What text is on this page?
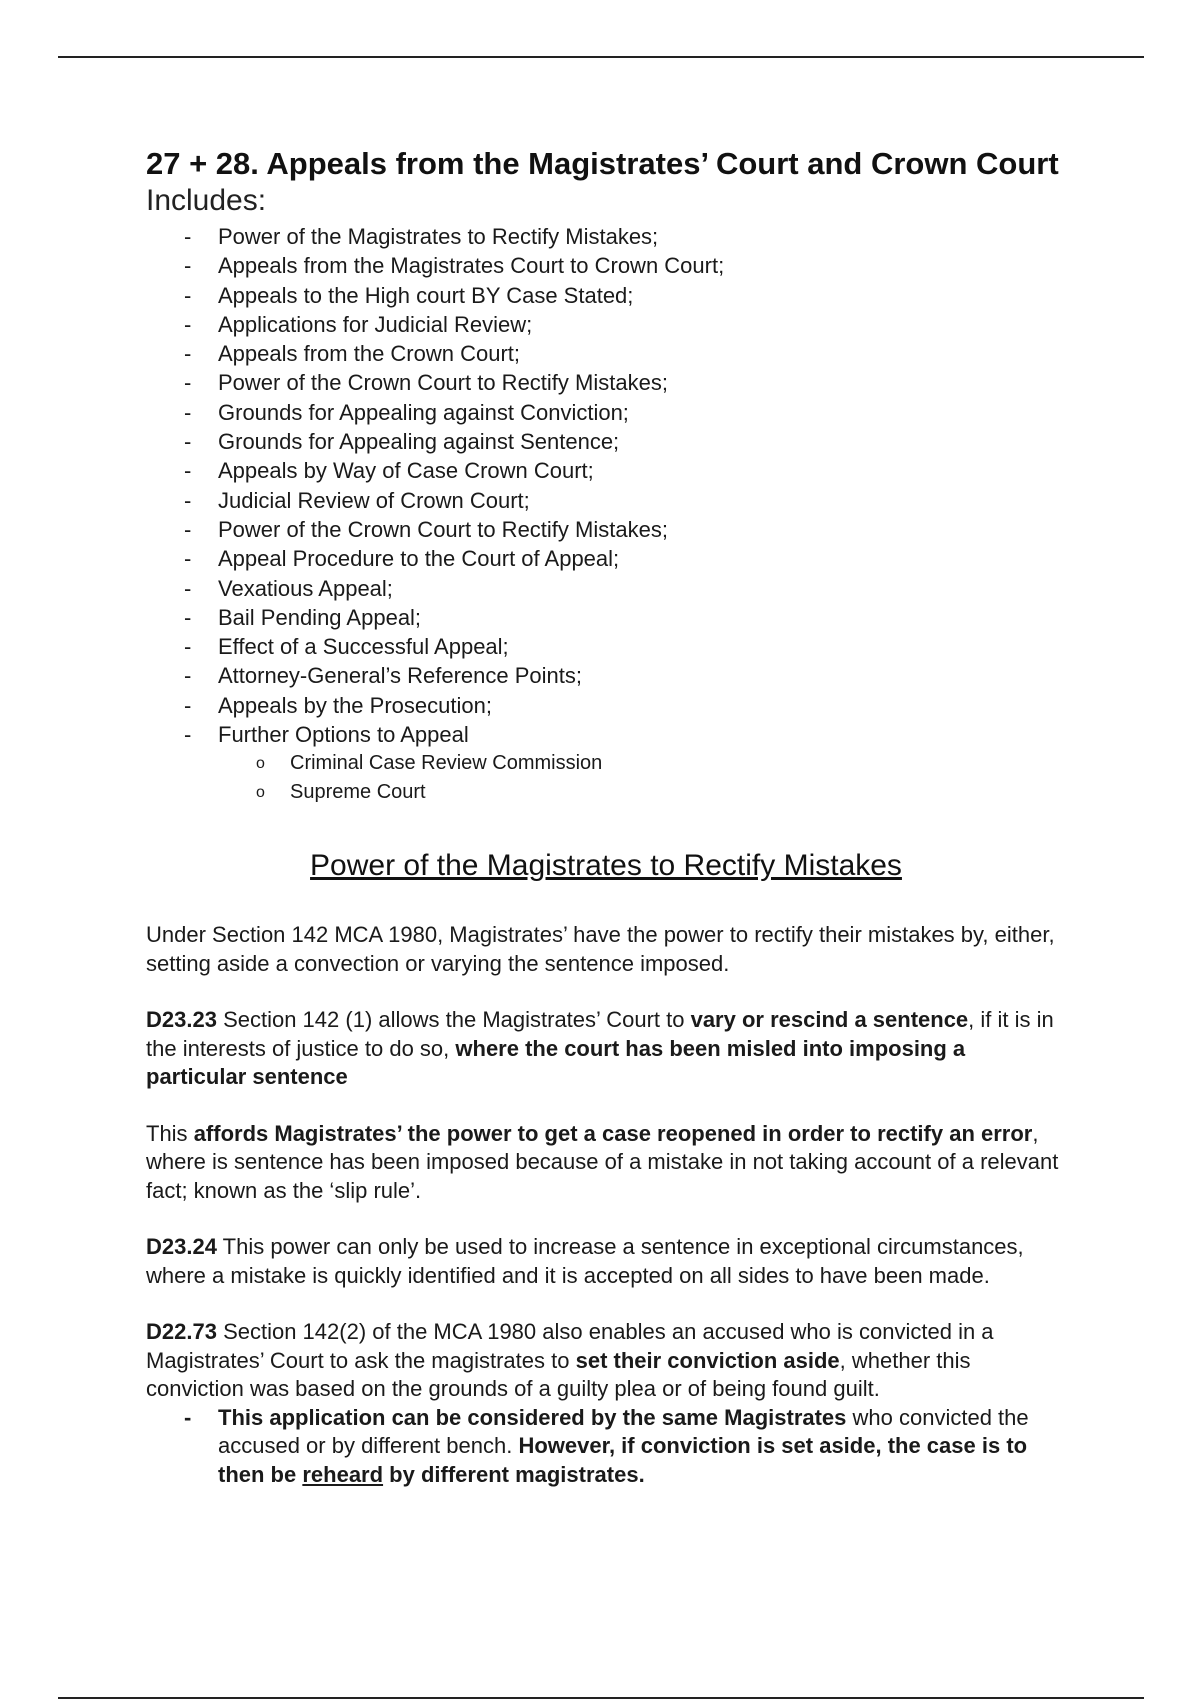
27 + 28. Appeals from the Magistrates’ Court and Crown Court
Includes:
- Power of the Magistrates to Rectify Mistakes;
- Appeals from the Magistrates Court to Crown Court;
- Appeals to the High court BY Case Stated;
- Applications for Judicial Review;
- Appeals from the Crown Court;
- Power of the Crown Court to Rectify Mistakes;
- Grounds for Appealing against Conviction;
- Grounds for Appealing against Sentence;
- Appeals by Way of Case Crown Court;
- Judicial Review of Crown Court;
- Power of the Crown Court to Rectify Mistakes;
- Appeal Procedure to the Court of Appeal;
- Vexatious Appeal;
- Bail Pending Appeal;
- Effect of a Successful Appeal;
- Attorney-General’s Reference Points;
- Appeals by the Prosecution;
- Further Options to Appeal
o Criminal Case Review Commission
o Supreme Court
Power of the Magistrates to Rectify Mistakes

Under Section 142 MCA 1980, Magistrates’ have the power to rectify their mistakes by, either, setting aside a convection or varying the sentence imposed.

D23.23 Section 142 (1) allows the Magistrates’ Court to vary or rescind a sentence, if it is in the interests of justice to do so, where the court has been misled into imposing a particular sentence

This affords Magistrates’ the power to get a case reopened in order to rectify an error, where is sentence has been imposed because of a mistake in not taking account of a relevant fact; known as the ‘slip rule’.

D23.24 This power can only be used to increase a sentence in exceptional circumstances, where a mistake is quickly identified and it is accepted on all sides to have been made.

D22.73 Section 142(2) of the MCA 1980 also enables an accused who is convicted in a Magistrates’ Court to ask the magistrates to set their conviction aside, whether this conviction was based on the grounds of a guilty plea or of being found guilt.

- This application can be considered by the same Magistrates who convicted the accused or by different bench. However, if conviction is set aside, the case is to then be reheard by different magistrates.
